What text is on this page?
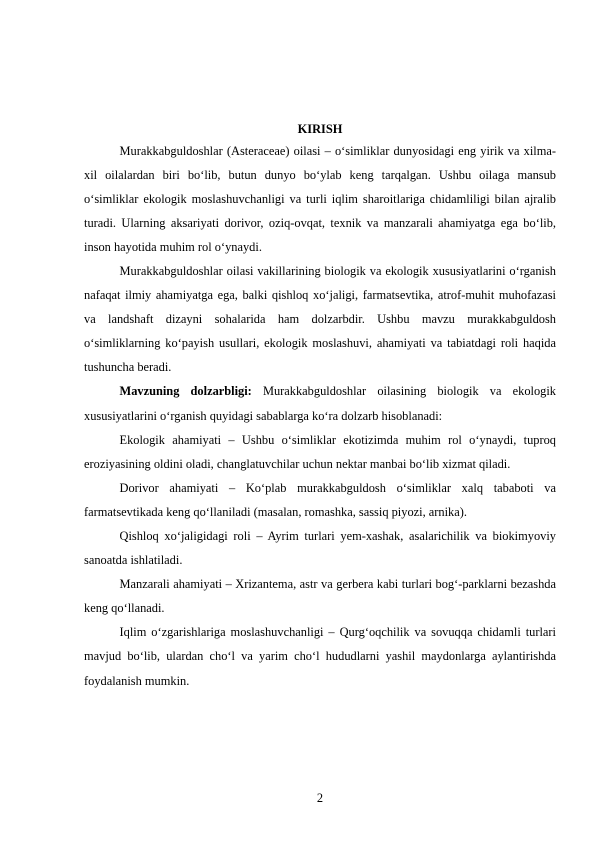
KIRISH

Murakkabguldoshlar (Asteraceae) oilasi – o‘simliklar dunyosidagi eng yirik va xilma-xil oilalardan biri bo‘lib, butun dunyo bo‘ylab keng tarqalgan. Ushbu oilaga mansub o‘simliklar ekologik moslashuvchanligi va turli iqlim sharoitlariga chidamliligi bilan ajralib turadi. Ularning aksariyati dorivor, oziq-ovqat, texnik va manzarali ahamiyatga ega bo‘lib, inson hayotida muhim rol o‘ynaydi.

Murakkabguldoshlar oilasi vakillarining biologik va ekologik xususiyatlarini o‘rganish nafaqat ilmiy ahamiyatga ega, balki qishloq xo‘jaligi, farmatsevtika, atrof-muhit muhofazasi va landshaft dizayni sohalarida ham dolzarbdir. Ushbu mavzu murakkabguldosh o‘simliklarning ko‘payish usullari, ekologik moslashuvi, ahamiyati va tabiatdagi roli haqida tushuncha beradi.

Mavzuning dolzarbligi: Murakkabguldoshlar oilasining biologik va ekologik xususiyatlarini o‘rganish quyidagi sabablarga ko‘ra dolzarb hisoblanadi:

Ekologik ahamiyati – Ushbu o‘simliklar ekotizimda muhim rol o‘ynaydi, tuproq eroziyasining oldini oladi, changlatuvchilar uchun nektar manbai bo‘lib xizmat qiladi.

Dorivor ahamiyati – Ko‘plab murakkabguldosh o‘simliklar xalq tababoti va farmatsevtikada keng qo‘llaniladi (masalan, romashka, sassiq piyozi, arnika).

Qishloq xo‘jaligidagi roli – Ayrim turlari yem-xashak, asalarichilik va biokimyoviy sanoatda ishlatiladi.

Manzarali ahamiyati – Xrizantema, astr va gerbera kabi turlari bog‘-parklarni bezashda keng qo‘llanadi.

Iqlim o‘zgarishlariga moslashuvchanligi – Qurg‘oqchilik va sovuqqa chidamli turlari mavjud bo‘lib, ulardan cho‘l va yarim cho‘l hududlarni yashil maydonlarga aylantirishda foydalanish mumkin.

2
